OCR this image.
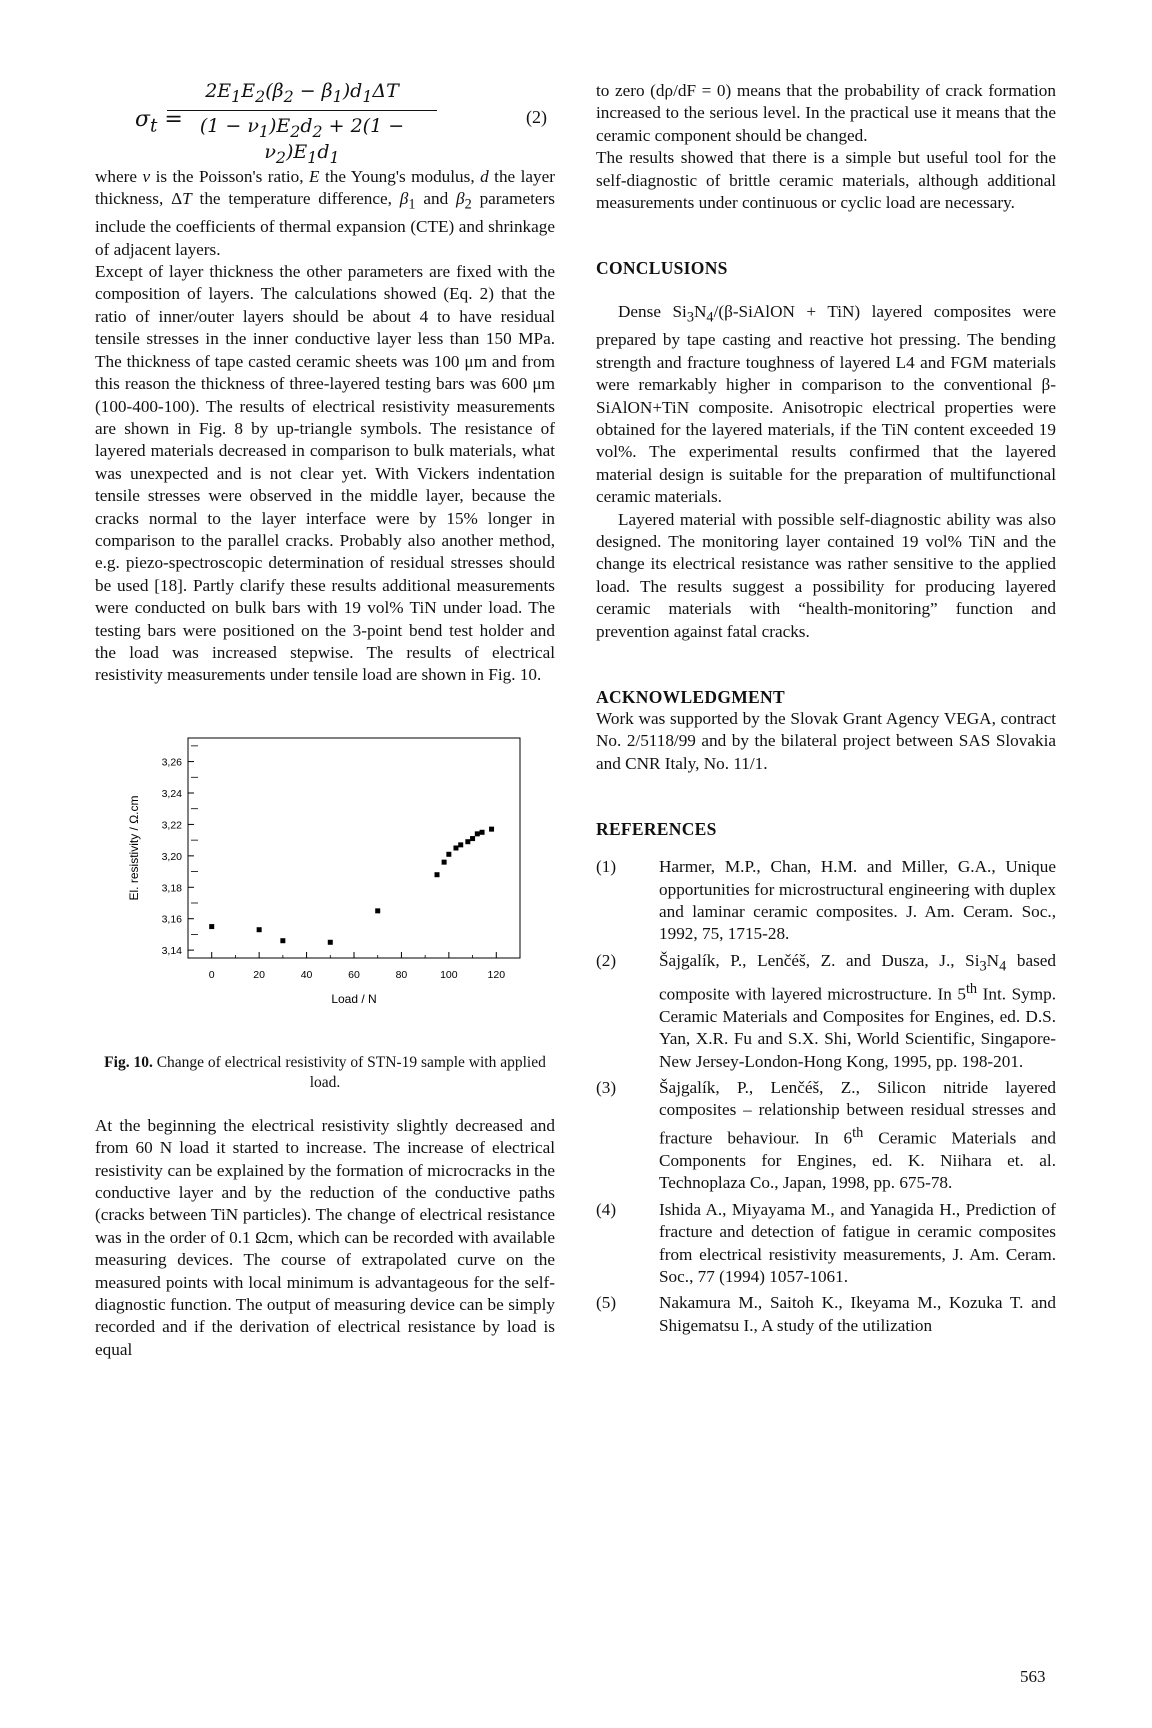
$\sigma_t$ =
$2E_1E_2(\beta_2 - \beta_1)d_1\Delta T$
$(1 - \nu_1)E_2d_2 + 2(1 - \nu_2)E_1d_1$
(2)

where ν is the Poisson's ratio, E the Young's modulus, d the layer thickness, ΔT the temperature difference, $\beta_1$ and $\beta_2$ parameters include the coefficients of thermal expansion (CTE) and shrinkage of adjacent layers.

Except of layer thickness the other parameters are fixed with the composition of layers. The calculations showed (Eq. 2) that the ratio of inner/outer layers should be about 4 to have residual tensile stresses in the inner conductive layer less than 150 MPa. The thickness of tape casted ceramic sheets was 100 μm and from this reason the thickness of three-layered testing bars was 600 μm (100-400-100). The results of electrical resistivity measurements are shown in Fig. 8 by up-triangle symbols. The resistance of layered materials decreased in comparison to bulk materials, what was unexpected and is not clear yet. With Vickers indentation tensile stresses were observed in the middle layer, because the cracks normal to the layer interface were by 15% longer in comparison to the parallel cracks. Probably also another method, e.g. piezo-spectroscopic determination of residual stresses should be used [18]. Partly clarify these results additional measurements were conducted on bulk bars with 19 vol% TiN under load. The testing bars were positioned on the 3-point bend test holder and the load was increased stepwise. The results of electrical resistivity measurements under tensile load are shown in Fig. 10.

3,14
3,16
3,18
3,20
3,22
3,24
3,26
0	20	40	60	80	100	120
Load / N
El. resistivity / Ω.cm

Fig. 10. Change of electrical resistivity of STN-19 sample with applied load.

At the beginning the electrical resistivity slightly decreased and from 60 N load it started to increase. The increase of electrical resistivity can be explained by the formation of microcracks in the conductive layer and by the reduction of the conductive paths (cracks between TiN particles). The change of electrical resistance was in the order of 0.1 Ωcm, which can be recorded with available measuring devices. The course of extrapolated curve on the measured points with local minimum is advantageous for the self-diagnostic function. The output of measuring device can be simply recorded and if the derivation of electrical resistance by load is equal

to zero (dρ/dF = 0) means that the probability of crack formation increased to the serious level. In the practical use it means that the ceramic component should be changed.

The results showed that there is a simple but useful tool for the self-diagnostic of brittle ceramic materials, although additional measurements under continuous or cyclic load are necessary.

CONCLUSIONS

Dense $Si_3N_4/(\beta$-SiAlON + TiN) layered composites were prepared by tape casting and reactive hot pressing. The bending strength and fracture toughness of layered L4 and FGM materials were remarkably higher in comparison to the conventional β-SiAlON+TiN composite. Anisotropic electrical properties were obtained for the layered materials, if the TiN content exceeded 19 vol%. The experimental results confirmed that the layered material design is suitable for the preparation of multifunctional ceramic materials.

Layered material with possible self-diagnostic ability was also designed. The monitoring layer contained 19 vol% TiN and the change its electrical resistance was rather sensitive to the applied load. The results suggest a possibility for producing layered ceramic materials with “health-monitoring” function and prevention against fatal cracks.

ACKNOWLEDGMENT

Work was supported by the Slovak Grant Agency VEGA, contract No. 2/5118/99 and by the bilateral project between SAS Slovakia and CNR Italy, No. 11/1.

REFERENCES
(1)	Harmer, M.P., Chan, H.M. and Miller, G.A., Unique opportunities for microstructural engineering with duplex and laminar ceramic composites. J. Am. Ceram. Soc., 1992, 75, 1715-28.
(2)	Šajgalík, P., Lenčéš, Z. and Dusza, J., $Si_3N_4$ based composite with layered microstructure. In 5th Int. Symp. Ceramic Materials and Composites for Engines, ed. D.S. Yan, X.R. Fu and S.X. Shi, World Scientific, Singapore-New Jersey-London-Hong Kong, 1995, pp. 198-201.
(3)	Šajgalík, P., Lenčéš, Z., Silicon nitride layered composites – relationship between residual stresses and fracture behaviour. In 6th Ceramic Materials and Components for Engines, ed. K. Niihara et. al. Technoplaza Co., Japan, 1998, pp. 675-78.
(4)	Ishida A., Miyayama M., and Yanagida H., Prediction of fracture and detection of fatigue in ceramic composites from electrical resistivity measurements, J. Am. Ceram. Soc., 77 (1994) 1057-1061.
(5)	Nakamura M., Saitoh K., Ikeyama M., Kozuka T. and Shigematsu I., A study of the utilization
563
